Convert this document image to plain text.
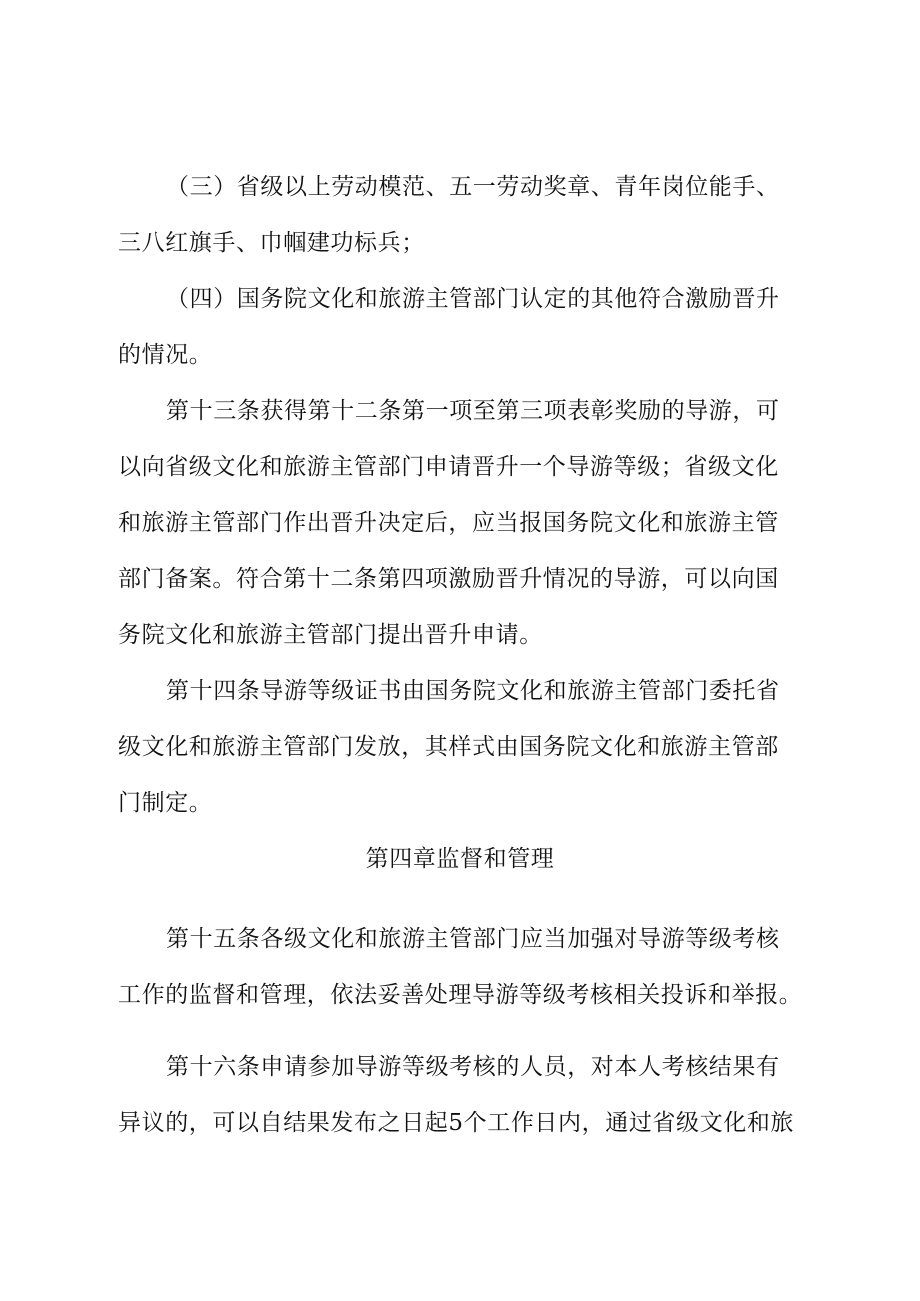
（三）省级以上劳动模范、五一劳动奖章、青年岗位能手、
三八红旗手、巾帼建功标兵；
（四）国务院文化和旅游主管部门认定的其他符合激励晋升
的情况。
第十三条获得第十二条第一项至第三项表彰奖励的导游，可
以向省级文化和旅游主管部门申请晋升一个导游等级；省级文化
和旅游主管部门作出晋升决定后，应当报国务院文化和旅游主管
部门备案。符合第十二条第四项激励晋升情况的导游，可以向国
务院文化和旅游主管部门提出晋升申请。
第十四条导游等级证书由国务院文化和旅游主管部门委托省
级文化和旅游主管部门发放，其样式由国务院文化和旅游主管部
门制定。
第四章监督和管理
第十五条各级文化和旅游主管部门应当加强对导游等级考核
工作的监督和管理，依法妥善处理导游等级考核相关投诉和举报。
第十六条申请参加导游等级考核的人员，对本人考核结果有
异议的，可以自结果发布之日起5个工作日内，通过省级文化和旅
